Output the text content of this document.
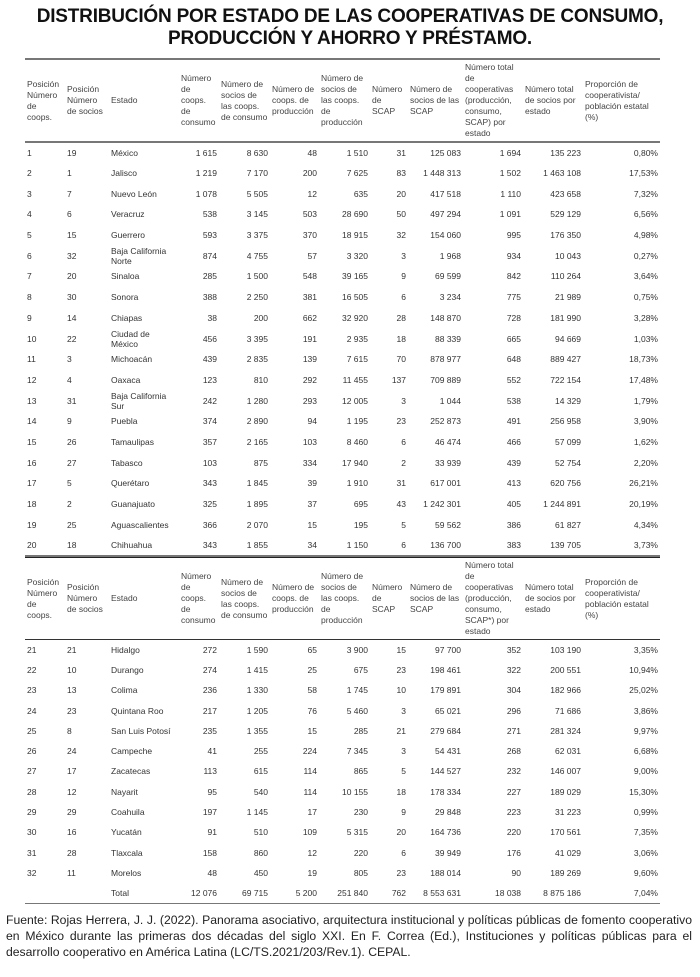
DISTRIBUCIÓN POR ESTADO DE LAS COOPERATIVAS DE CONSUMO,
PRODUCCIÓN Y AHORRO Y PRÉSTAMO.
Posición Número de coops.	Posición Número de socios	Estado	Número de coops. de consumo	Número de socios de las coops. de consumo	Número de coops. de producción	Número de socios de las coops. de producción	Número de SCAP	Número de socios de las SCAP	Número total de cooperativas (producción, consumo, SCAP) por estado	Número total de socios por estado	Proporción de cooperativista/ población estatal (%)
1	19	México	1 615	8 630	48	1 510	31	125 083	1 694	135 223	0,80%
2	1	Jalisco	1 219	7 170	200	7 625	83	1 448 313	1 502	1 463 108	17,53%
3	7	Nuevo León	1 078	5 505	12	635	20	417 518	1 110	423 658	7,32%
4	6	Veracruz	538	3 145	503	28 690	50	497 294	1 091	529 129	6,56%
5	15	Guerrero	593	3 375	370	18 915	32	154 060	995	176 350	4,98%
6	32	Baja California Norte	874	4 755	57	3 320	3	1 968	934	10 043	0,27%
7	20	Sinaloa	285	1 500	548	39 165	9	69 599	842	110 264	3,64%
8	30	Sonora	388	2 250	381	16 505	6	3 234	775	21 989	0,75%
9	14	Chiapas	38	200	662	32 920	28	148 870	728	181 990	3,28%
10	22	Ciudad de México	456	3 395	191	2 935	18	88 339	665	94 669	1,03%
11	3	Michoacán	439	2 835	139	7 615	70	878 977	648	889 427	18,73%
12	4	Oaxaca	123	810	292	11 455	137	709 889	552	722 154	17,48%
13	31	Baja California Sur	242	1 280	293	12 005	3	1 044	538	14 329	1,79%
14	9	Puebla	374	2 890	94	1 195	23	252 873	491	256 958	3,90%
15	26	Tamaulipas	357	2 165	103	8 460	6	46 474	466	57 099	1,62%
16	27	Tabasco	103	875	334	17 940	2	33 939	439	52 754	2,20%
17	5	Querétaro	343	1 845	39	1 910	31	617 001	413	620 756	26,21%
18	2	Guanajuato	325	1 895	37	695	43	1 242 301	405	1 244 891	20,19%
19	25	Aguascalientes	366	2 070	15	195	5	59 562	386	61 827	4,34%
20	18	Chihuahua	343	1 855	34	1 150	6	136 700	383	139 705	3,73%
Posición Número de coops.	Posición Número de socios	Estado	Número de coops. de consumo	Número de socios de las coops. de consumo	Número de coops. de producción	Número de socios de las coops. de producción	Número de SCAP	Número de socios de las SCAP	Número total de cooperativas (producción, consumo, SCAP*) por estado	Número total de socios por estado	Proporción de cooperativista/ población estatal (%)
21	21	Hidalgo	272	1 590	65	3 900	15	97 700	352	103 190	3,35%
22	10	Durango	274	1 415	25	675	23	198 461	322	200 551	10,94%
23	13	Colima	236	1 330	58	1 745	10	179 891	304	182 966	25,02%
24	23	Quintana Roo	217	1 205	76	5 460	3	65 021	296	71 686	3,86%
25	8	San Luis Potosí	235	1 355	15	285	21	279 684	271	281 324	9,97%
26	24	Campeche	41	255	224	7 345	3	54 431	268	62 031	6,68%
27	17	Zacatecas	113	615	114	865	5	144 527	232	146 007	9,00%
28	12	Nayarit	95	540	114	10 155	18	178 334	227	189 029	15,30%
29	29	Coahuila	197	1 145	17	230	9	29 848	223	31 223	0,99%
30	16	Yucatán	91	510	109	5 315	20	164 736	220	170 561	7,35%
31	28	Tlaxcala	158	860	12	220	6	39 949	176	41 029	3,06%
32	11	Morelos	48	450	19	805	23	188 014	90	189 269	9,60%
		Total	12 076	69 715	5 200	251 840	762	8 553 631	18 038	8 875 186	7,04%
Fuente: Rojas Herrera, J. J. (2022). Panorama asociativo, arquitectura institucional y políticas públicas de fomento cooperativo en México durante las primeras dos décadas del siglo XXI. En F. Correa (Ed.), Instituciones y políticas públicas para el desarrollo cooperativo en América Latina (LC/TS.2021/203/Rev.1). CEPAL.
